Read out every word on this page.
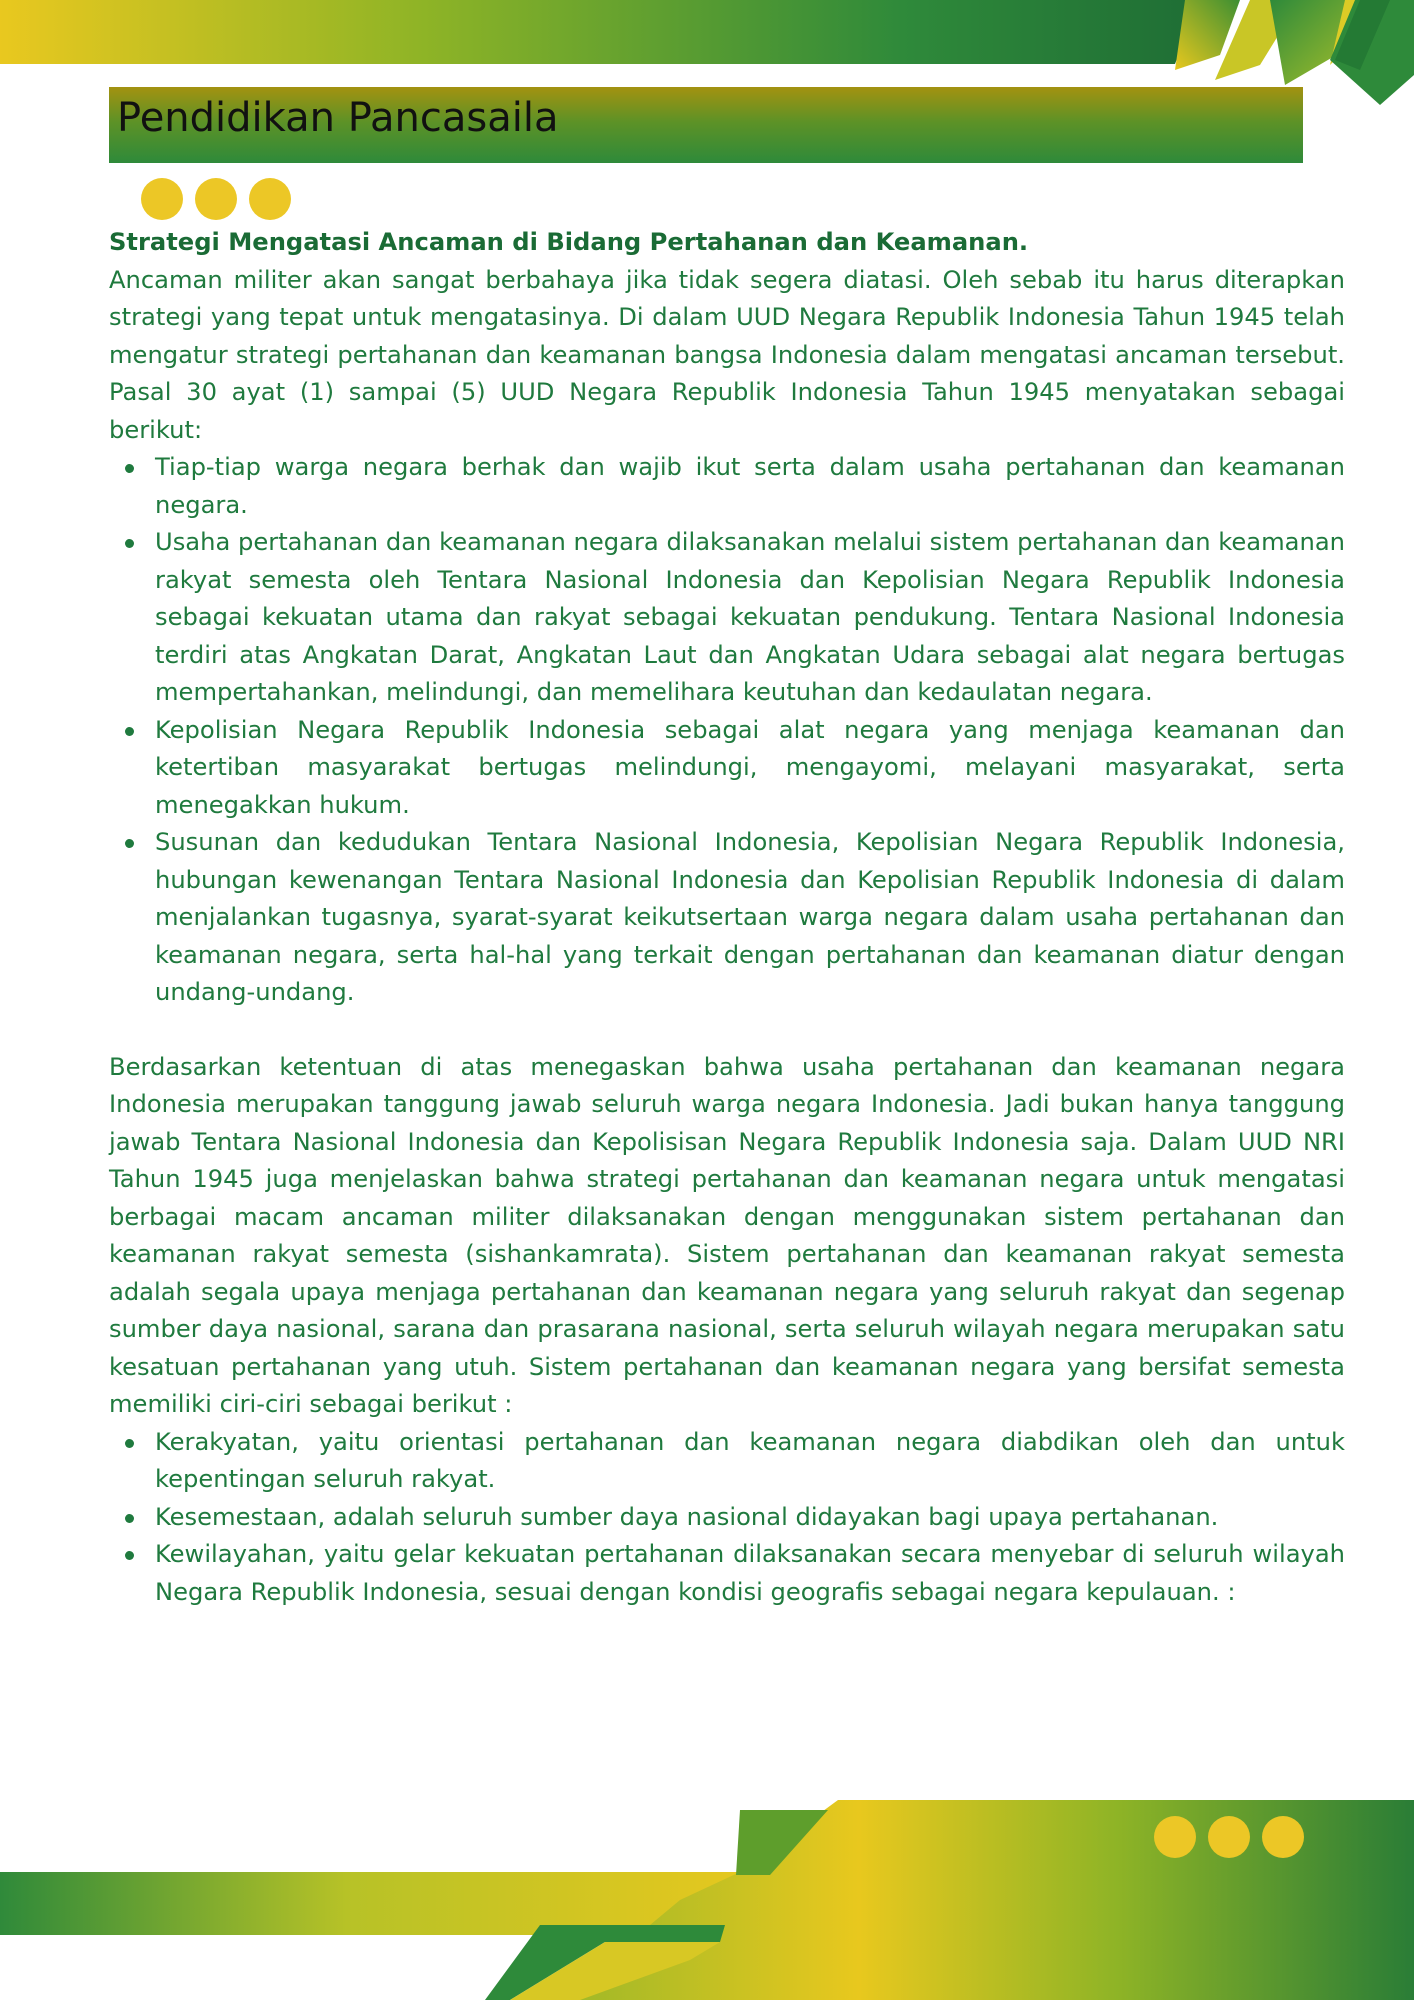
Pendidikan Pancasaila

Strategi Mengatasi Ancaman di Bidang Pertahanan dan Keamanan.

Ancaman militer akan sangat berbahaya jika tidak segera diatasi. Oleh sebab itu harus diterapkan strategi yang tepat untuk mengatasinya. Di dalam UUD Negara Republik Indonesia Tahun 1945 telah mengatur strategi pertahanan dan keamanan bangsa Indonesia dalam mengatasi ancaman tersebut. Pasal 30 ayat (1) sampai (5) UUD Negara Republik Indonesia Tahun 1945 menyatakan sebagai berikut:

Tiap-tiap warga negara berhak dan wajib ikut serta dalam usaha pertahanan dan keamanan negara.
Usaha pertahanan dan keamanan negara dilaksanakan melalui sistem pertahanan dan keamanan rakyat semesta oleh Tentara Nasional Indonesia dan Kepolisian Negara Republik Indonesia sebagai kekuatan utama dan rakyat sebagai kekuatan pendukung. Tentara Nasional Indonesia terdiri atas Angkatan Darat, Angkatan Laut dan Angkatan Udara sebagai alat negara bertugas mempertahankan, melindungi, dan memelihara keutuhan dan kedaulatan negara.
Kepolisian Negara Republik Indonesia sebagai alat negara yang menjaga keamanan dan ketertiban masyarakat bertugas melindungi, mengayomi, melayani masyarakat, serta menegakkan hukum.
Susunan dan kedudukan Tentara Nasional Indonesia, Kepolisian Negara Republik Indonesia, hubungan kewenangan Tentara Nasional Indonesia dan Kepolisian Republik Indonesia di dalam menjalankan tugasnya, syarat-syarat keikutsertaan warga negara dalam usaha pertahanan dan keamanan negara, serta hal-hal yang terkait dengan pertahanan dan keamanan diatur dengan undang-undang.

Berdasarkan ketentuan di atas menegaskan bahwa usaha pertahanan dan keamanan negara Indonesia merupakan tanggung jawab seluruh warga negara Indonesia. Jadi bukan hanya tanggung jawab Tentara Nasional Indonesia dan Kepolisisan Negara Republik Indonesia saja. Dalam UUD NRI Tahun 1945 juga menjelaskan bahwa strategi pertahanan dan keamanan negara untuk mengatasi berbagai macam ancaman militer dilaksanakan dengan menggunakan sistem pertahanan dan keamanan rakyat semesta (sishankamrata). Sistem pertahanan dan keamanan rakyat semesta adalah segala upaya menjaga pertahanan dan keamanan negara yang seluruh rakyat dan segenap sumber daya nasional, sarana dan prasarana nasional, serta seluruh wilayah negara merupakan satu kesatuan pertahanan yang utuh. Sistem pertahanan dan keamanan negara yang bersifat semesta memiliki ciri-ciri sebagai berikut :

Kerakyatan, yaitu orientasi pertahanan dan keamanan negara diabdikan oleh dan untuk kepentingan seluruh rakyat.
Kesemestaan, adalah seluruh sumber daya nasional didayakan bagi upaya pertahanan.
Kewilayahan, yaitu gelar kekuatan pertahanan dilaksanakan secara menyebar di seluruh wilayah Negara Republik Indonesia, sesuai dengan kondisi geografis sebagai negara kepulauan. :
